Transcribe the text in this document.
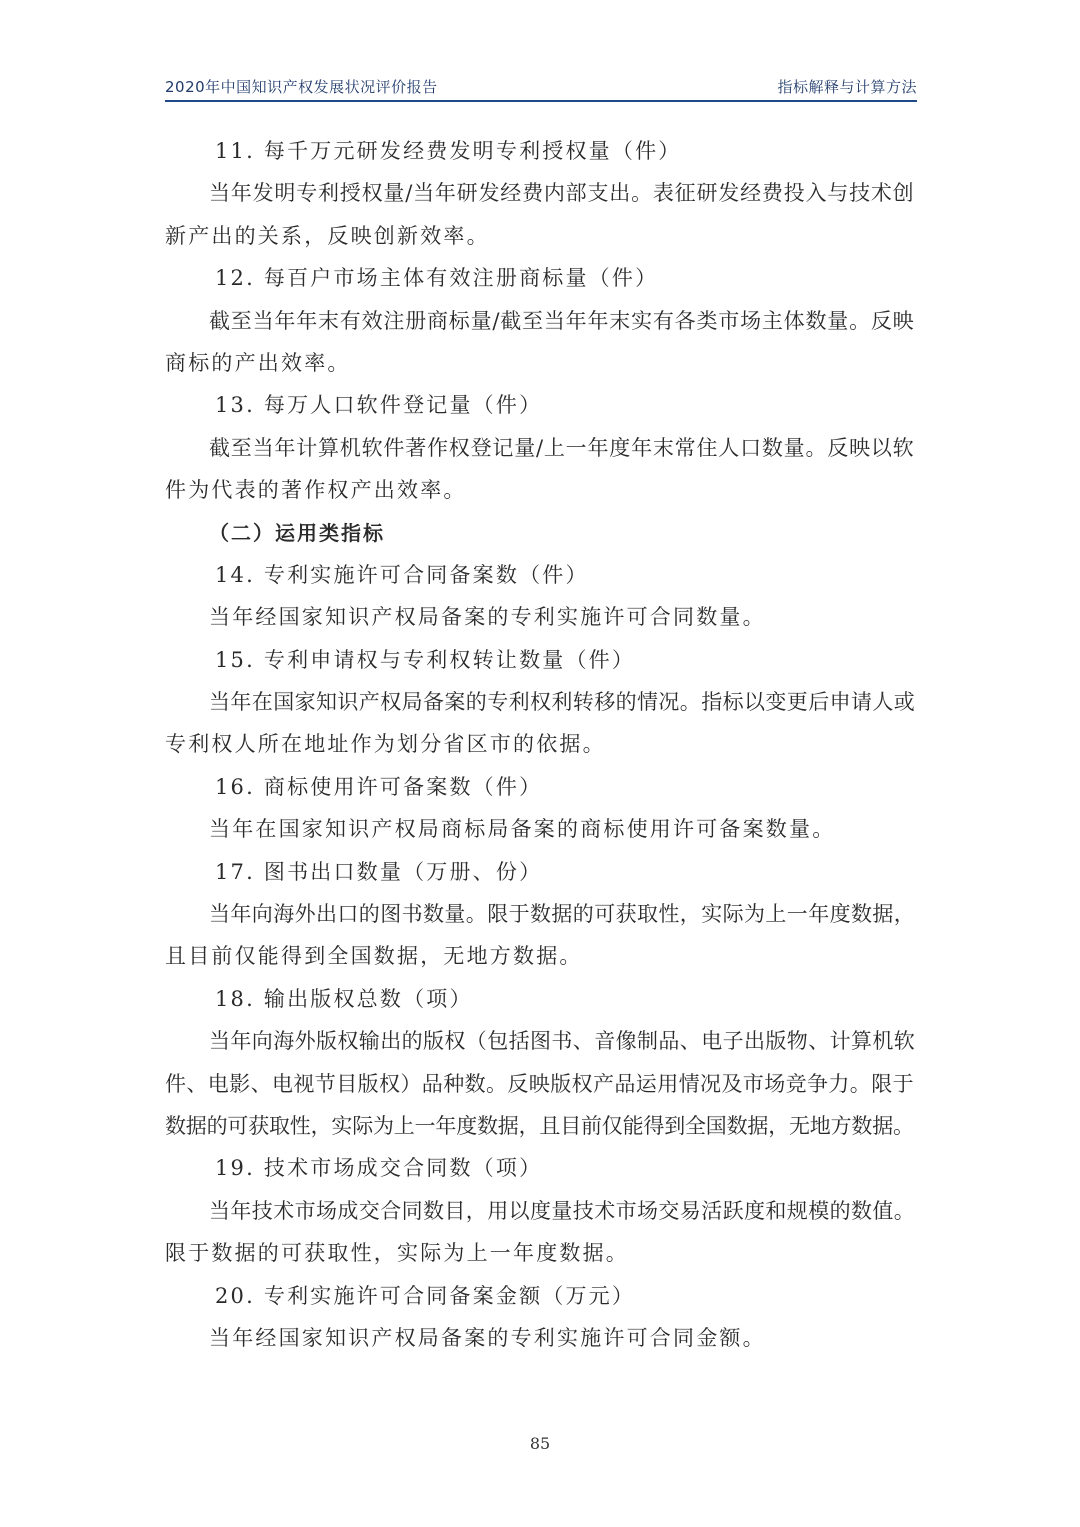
2020年中国知识产权发展状况评价报告	指标解释与计算方法
11. 每千万元研发经费发明专利授权量（件）
当年发明专利授权量/当年研发经费内部支出。表征研发经费投入与技术创
新产出的关系，反映创新效率。
12. 每百户市场主体有效注册商标量（件）
截至当年年末有效注册商标量/截至当年年末实有各类市场主体数量。反映
商标的产出效率。
13. 每万人口软件登记量（件）
截至当年计算机软件著作权登记量/上一年度年末常住人口数量。反映以软
件为代表的著作权产出效率。
（二）运用类指标
14. 专利实施许可合同备案数（件）
当年经国家知识产权局备案的专利实施许可合同数量。
15. 专利申请权与专利权转让数量（件）
当年在国家知识产权局备案的专利权利转移的情况。指标以变更后申请人或
专利权人所在地址作为划分省区市的依据。
16. 商标使用许可备案数（件）
当年在国家知识产权局商标局备案的商标使用许可备案数量。
17. 图书出口数量（万册、份）
当年向海外出口的图书数量。限于数据的可获取性，实际为上一年度数据，
且目前仅能得到全国数据，无地方数据。
18. 输出版权总数（项）
当年向海外版权输出的版权（包括图书、音像制品、电子出版物、计算机软
件、电影、电视节目版权）品种数。反映版权产品运用情况及市场竞争力。限于
数据的可获取性，实际为上一年度数据，且目前仅能得到全国数据，无地方数据。
19. 技术市场成交合同数（项）
当年技术市场成交合同数目，用以度量技术市场交易活跃度和规模的数值。
限于数据的可获取性，实际为上一年度数据。
20. 专利实施许可合同备案金额（万元）
当年经国家知识产权局备案的专利实施许可合同金额。
85
